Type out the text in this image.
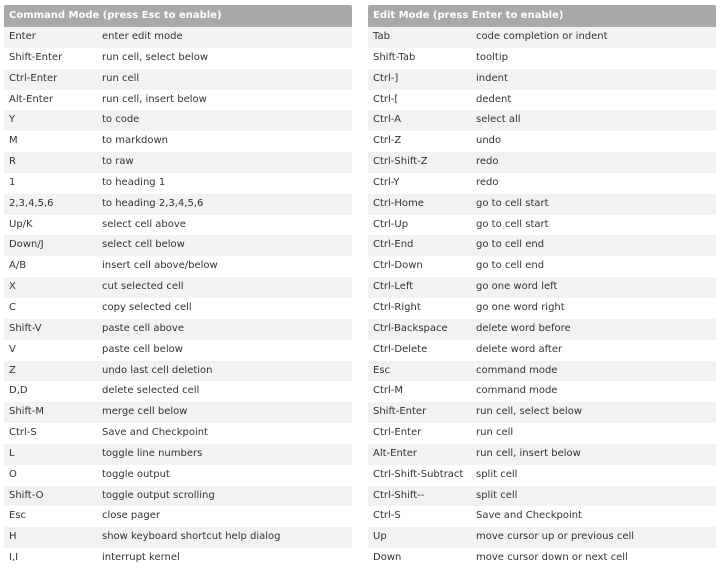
Command Mode (press Esc to enable)
Enter	enter edit mode
Shift-Enter	run cell, select below
Ctrl-Enter	run cell
Alt-Enter	run cell, insert below
Y	to code
M	to markdown
R	to raw
1	to heading 1
2,3,4,5,6	to heading 2,3,4,5,6
Up/K	select cell above
Down/J	select cell below
A/B	insert cell above/below
X	cut selected cell
C	copy selected cell
Shift-V	paste cell above
V	paste cell below
Z	undo last cell deletion
D,D	delete selected cell
Shift-M	merge cell below
Ctrl-S	Save and Checkpoint
L	toggle line numbers
O	toggle output
Shift-O	toggle output scrolling
Esc	close pager
H	show keyboard shortcut help dialog
I,I	interrupt kernel
Edit Mode (press Enter to enable)
Tab	code completion or indent
Shift-Tab	tooltip
Ctrl-]	indent
Ctrl-[	dedent
Ctrl-A	select all
Ctrl-Z	undo
Ctrl-Shift-Z	redo
Ctrl-Y	redo
Ctrl-Home	go to cell start
Ctrl-Up	go to cell start
Ctrl-End	go to cell end
Ctrl-Down	go to cell end
Ctrl-Left	go one word left
Ctrl-Right	go one word right
Ctrl-Backspace	delete word before
Ctrl-Delete	delete word after
Esc	command mode
Ctrl-M	command mode
Shift-Enter	run cell, select below
Ctrl-Enter	run cell
Alt-Enter	run cell, insert below
Ctrl-Shift-Subtract	split cell
Ctrl-Shift--	split cell
Ctrl-S	Save and Checkpoint
Up	move cursor up or previous cell
Down	move cursor down or next cell
